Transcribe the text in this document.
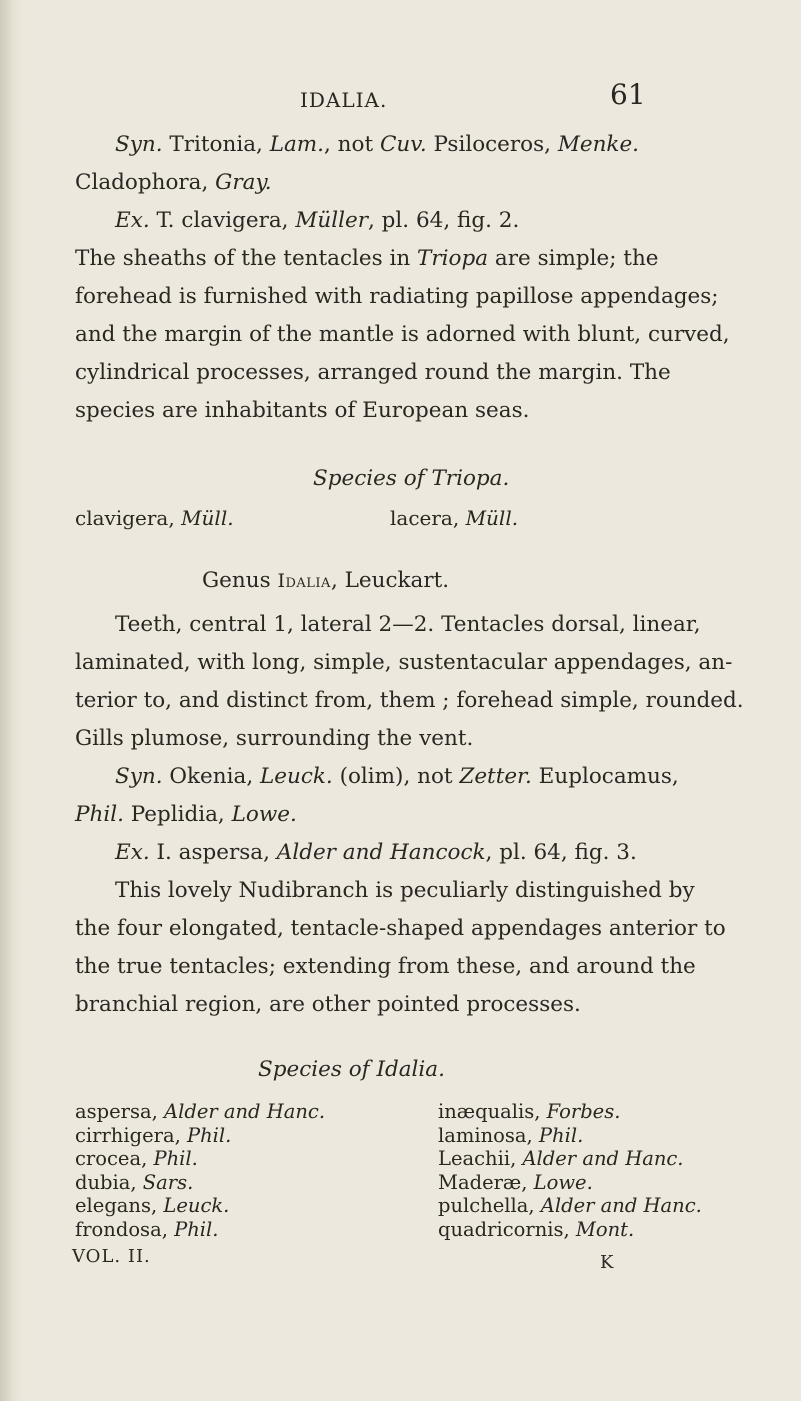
IDALIA.	61
Syn. Tritonia, Lam., not Cuv. Psiloceros, Menke.
Cladophora, Gray.
Ex. T. clavigera, Müller, pl. 64, fig. 2.
The sheaths of the tentacles in Triopa are simple; the
forehead is furnished with radiating papillose appendages;
and the margin of the mantle is adorned with blunt, curved,
cylindrical processes, arranged round the margin. The
species are inhabitants of European seas.
Species of Triopa.
clavigera, Müll.	lacera, Müll.
Genus Idalia, Leuckart.
Teeth, central 1, lateral 2—2. Tentacles dorsal, linear,
laminated, with long, simple, sustentacular appendages, an-
terior to, and distinct from, them ; forehead simple, rounded.
Gills plumose, surrounding the vent.
Syn. Okenia, Leuck. (olim), not Zetter. Euplocamus,
Phil. Peplidia, Lowe.
Ex. I. aspersa, Alder and Hancock, pl. 64, fig. 3.
This lovely Nudibranch is peculiarly distinguished by
the four elongated, tentacle-shaped appendages anterior to
the true tentacles; extending from these, and around the
branchial region, are other pointed processes.
Species of Idalia.
aspersa, Alder and Hanc.
cirrhigera, Phil.
crocea, Phil.
dubia, Sars.
elegans, Leuck.
frondosa, Phil.
inæqualis, Forbes.
laminosa, Phil.
Leachii, Alder and Hanc.
Maderæ, Lowe.
pulchella, Alder and Hanc.
quadricornis, Mont.
VOL. II.	K
